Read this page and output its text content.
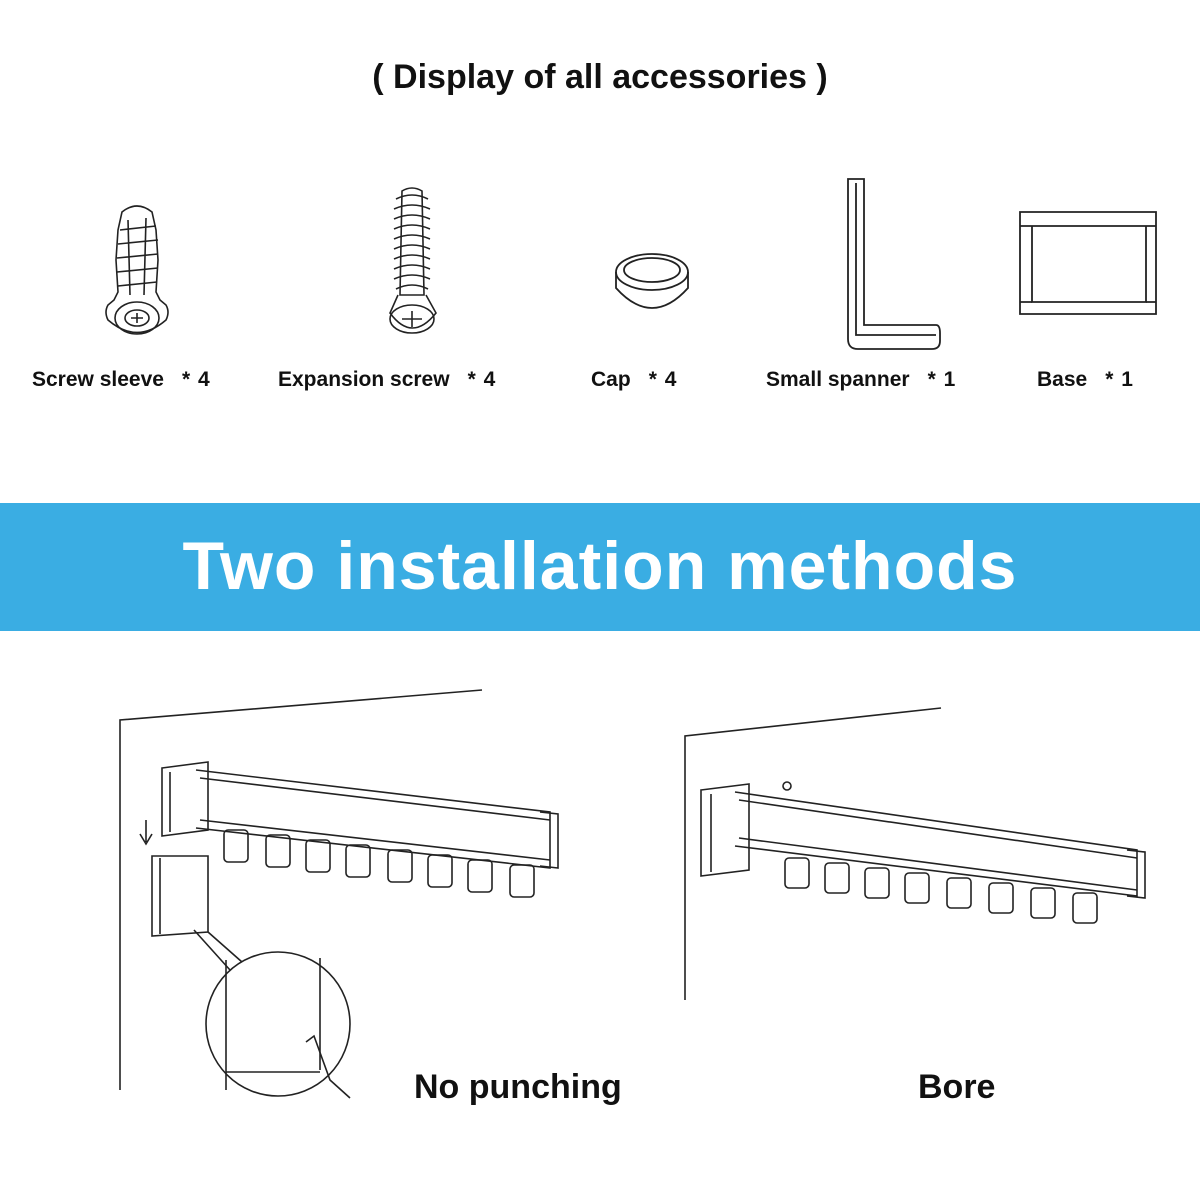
( Display of all accessories )
Screw sleeve * 4	Expansion screw * 4	Cap * 4	Small spanner * 1	Base * 1
Two installation methods
No punching	Bore
